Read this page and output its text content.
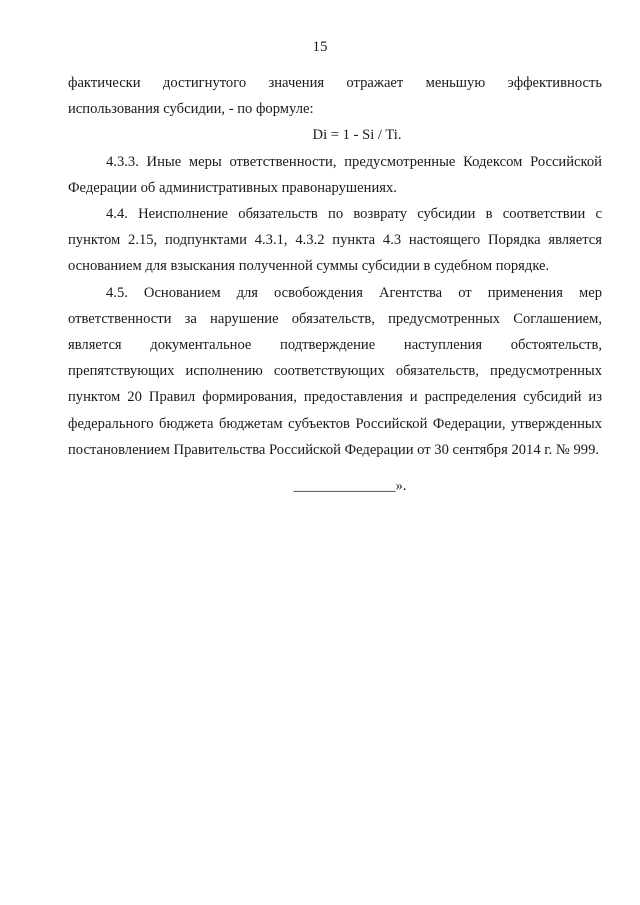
15

фактически достигнутого значения отражает меньшую эффективность использования субсидии, - по формуле:

Di = 1 - Si / Ti.

4.3.3. Иные меры ответственности, предусмотренные Кодексом Российской Федерации об административных правонарушениях.

4.4. Неисполнение обязательств по возврату субсидии в соответствии с пунктом 2.15, подпунктами 4.3.1, 4.3.2 пункта 4.3 настоящего Порядка является основанием для взыскания полученной суммы субсидии в судебном порядке.

4.5. Основанием для освобождения Агентства от применения мер ответственности за нарушение обязательств, предусмотренных Соглашением, является документальное подтверждение наступления обстоятельств, препятствующих исполнению соответствующих обязательств, предусмотренных пунктом 20 Правил формирования, предоставления и распределения субсидий из федерального бюджета бюджетам субъектов Российской Федерации, утвержденных постановлением Правительства Российской Федерации от 30 сентября 2014 г. № 999.

______________».
